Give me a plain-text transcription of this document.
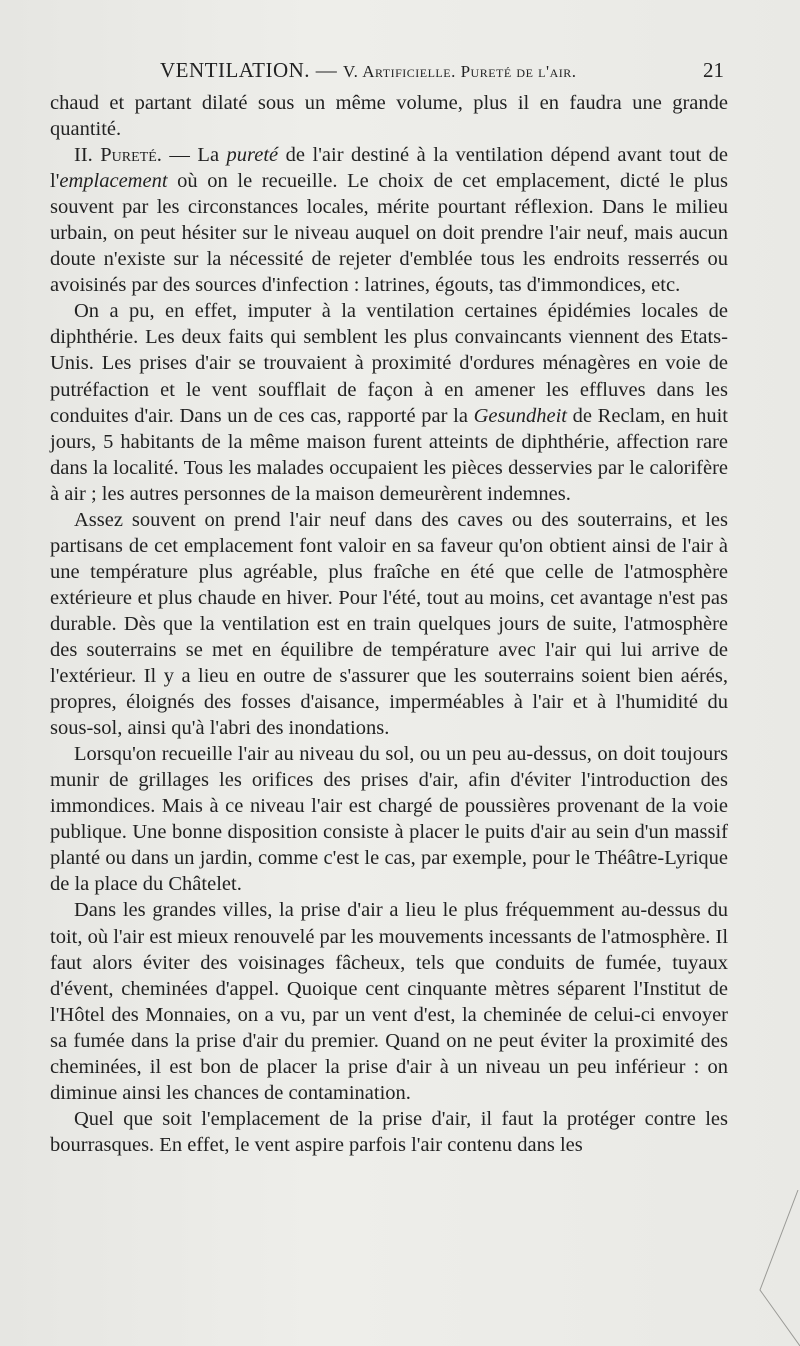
VENTILATION. — V. Artificielle. Pureté de l'air.	21

chaud et partant dilaté sous un même volume, plus il en faudra une grande quantité.

II. Pureté. — La pureté de l'air destiné à la ventilation dépend avant tout de l'emplacement où on le recueille. Le choix de cet emplacement, dicté le plus souvent par les circonstances locales, mérite pourtant réflexion. Dans le milieu urbain, on peut hésiter sur le niveau auquel on doit prendre l'air neuf, mais aucun doute n'existe sur la nécessité de rejeter d'emblée tous les endroits resserrés ou avoisinés par des sources d'infection : latrines, égouts, tas d'immondices, etc.

On a pu, en effet, imputer à la ventilation certaines épidémies locales de diphthérie. Les deux faits qui semblent les plus convaincants viennent des Etats-Unis. Les prises d'air se trouvaient à proximité d'ordures ménagères en voie de putréfaction et le vent soufflait de façon à en amener les effluves dans les conduites d'air. Dans un de ces cas, rapporté par la Gesundheit de Reclam, en huit jours, 5 habitants de la même maison furent atteints de diphthérie, affection rare dans la localité. Tous les malades occupaient les pièces desservies par le calorifère à air ; les autres personnes de la maison demeurèrent indemnes.

Assez souvent on prend l'air neuf dans des caves ou des souterrains, et les partisans de cet emplacement font valoir en sa faveur qu'on obtient ainsi de l'air à une température plus agréable, plus fraîche en été que celle de l'atmosphère extérieure et plus chaude en hiver. Pour l'été, tout au moins, cet avantage n'est pas durable. Dès que la ventilation est en train quelques jours de suite, l'atmosphère des souterrains se met en équilibre de température avec l'air qui lui arrive de l'extérieur. Il y a lieu en outre de s'assurer que les souterrains soient bien aérés, propres, éloignés des fosses d'aisance, imperméables à l'air et à l'humidité du sous-sol, ainsi qu'à l'abri des inondations.

Lorsqu'on recueille l'air au niveau du sol, ou un peu au-dessus, on doit toujours munir de grillages les orifices des prises d'air, afin d'éviter l'introduction des immondices. Mais à ce niveau l'air est chargé de poussières provenant de la voie publique. Une bonne disposition consiste à placer le puits d'air au sein d'un massif planté ou dans un jardin, comme c'est le cas, par exemple, pour le Théâtre-Lyrique de la place du Châtelet.

Dans les grandes villes, la prise d'air a lieu le plus fréquemment au-dessus du toit, où l'air est mieux renouvelé par les mouvements incessants de l'atmosphère. Il faut alors éviter des voisinages fâcheux, tels que conduits de fumée, tuyaux d'évent, cheminées d'appel. Quoique cent cinquante mètres séparent l'Institut de l'Hôtel des Monnaies, on a vu, par un vent d'est, la cheminée de celui-ci envoyer sa fumée dans la prise d'air du premier. Quand on ne peut éviter la proximité des cheminées, il est bon de placer la prise d'air à un niveau un peu inférieur : on diminue ainsi les chances de contamination.

Quel que soit l'emplacement de la prise d'air, il faut la protéger contre les bourrasques. En effet, le vent aspire parfois l'air contenu dans les
